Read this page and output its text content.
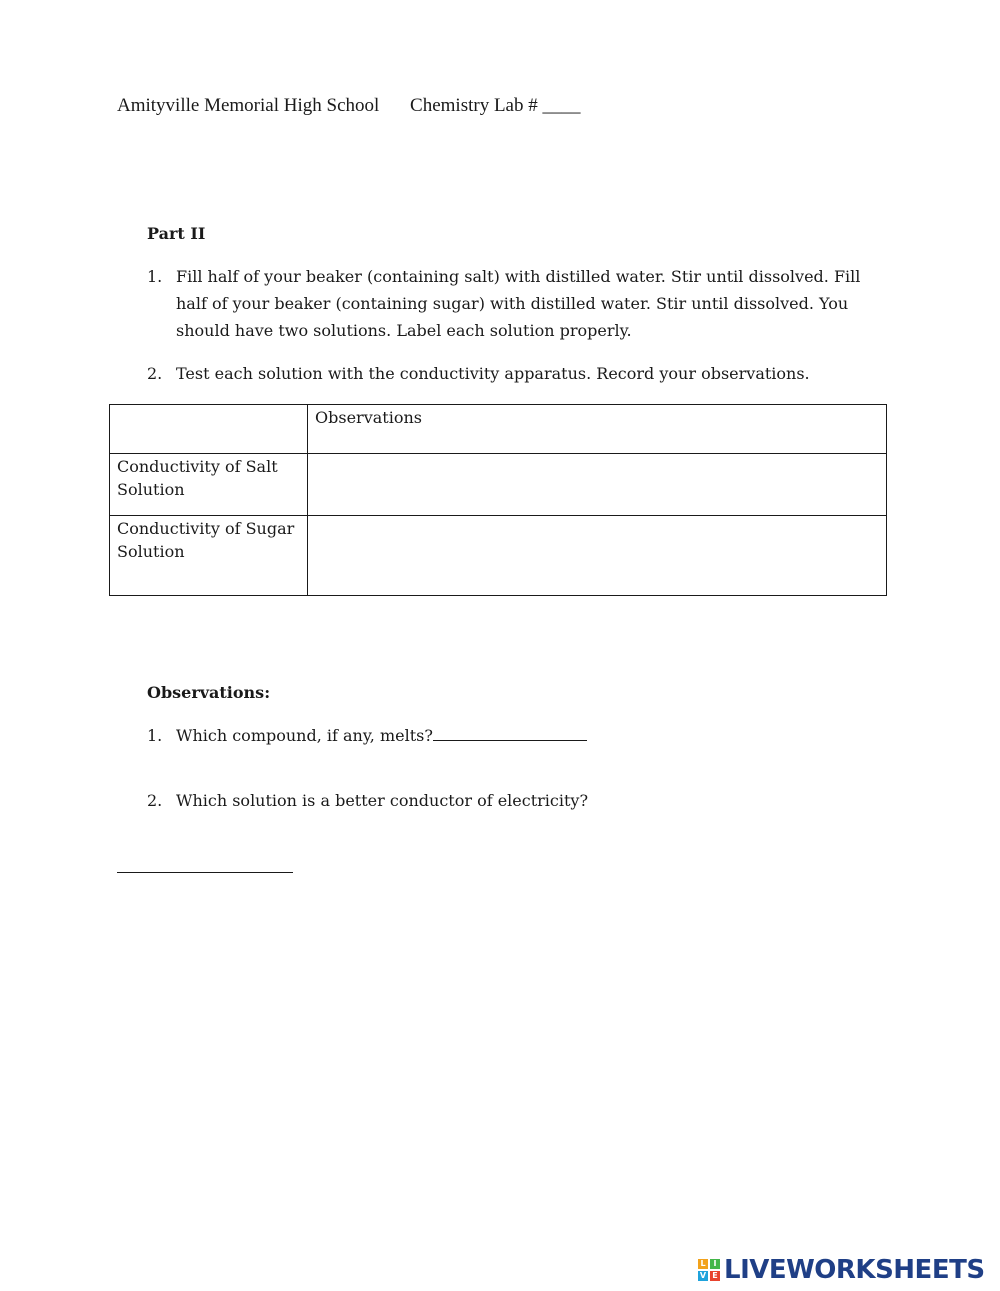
Amityville Memorial High School Chemistry Lab # ____
Part II
1. Fill half of your beaker (containing salt) with distilled water. Stir until dissolved. Fill half of your beaker (containing sugar) with distilled water. Stir until dissolved. You should have two solutions. Label each solution properly.
2. Test each solution with the conductivity apparatus. Record your observations.
	Observations
Conductivity of Salt Solution	
Conductivity of Sugar Solution	
Observations:
1. Which compound, if any, melts?
2. Which solution is a better conductor of electricity?
L I
V E LIVEWORKSHEETS
